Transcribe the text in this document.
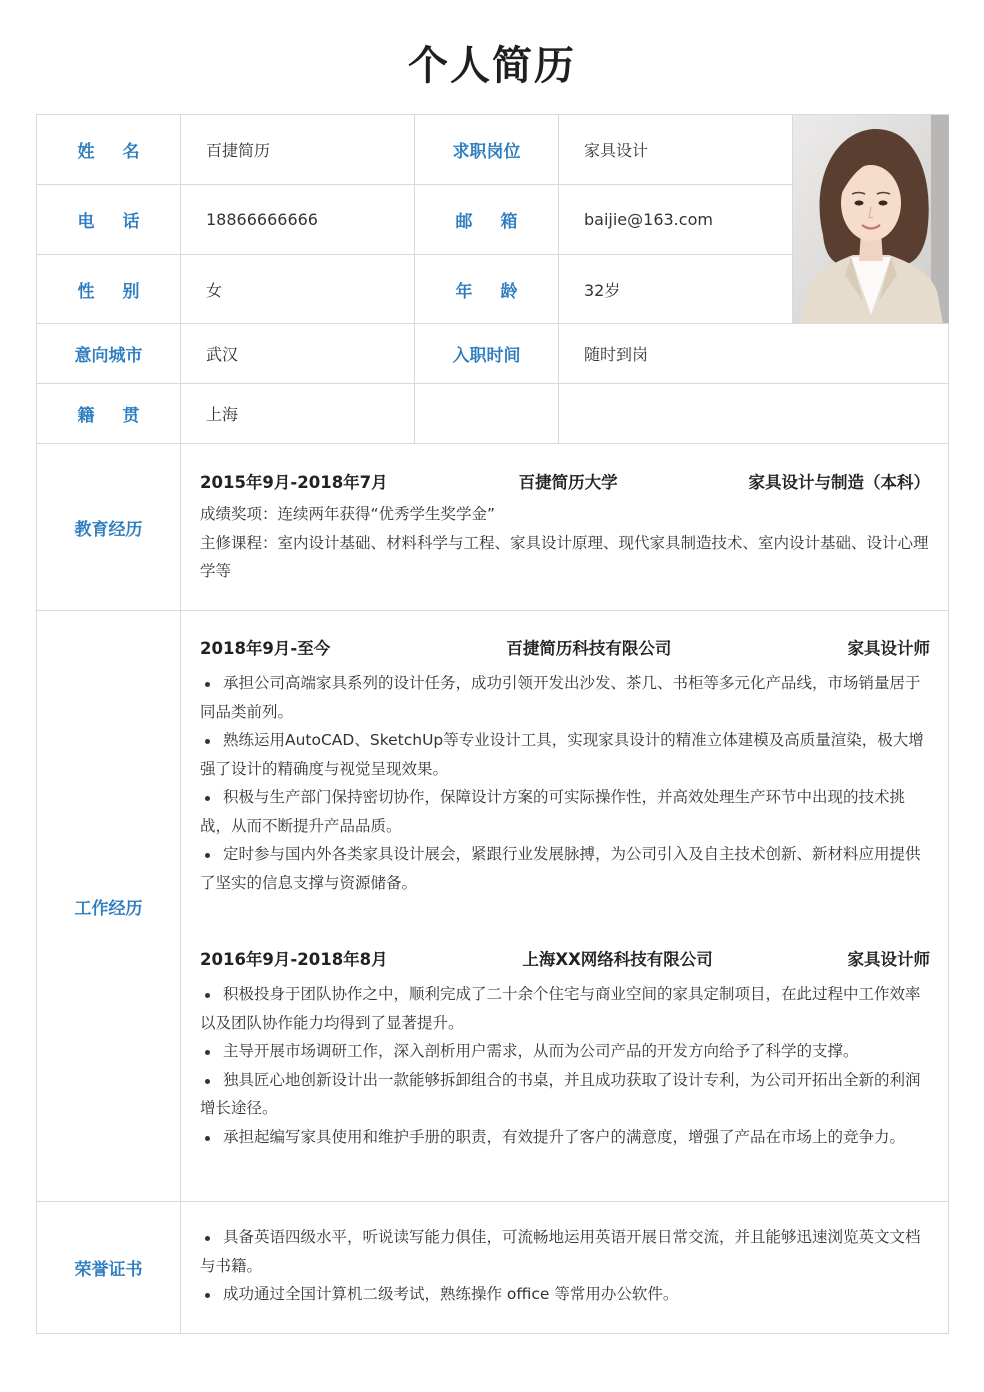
个人简历
姓名	百捷简历	求职岗位	家具设计
电话	18866666666	邮箱	baijie@163.com
性别	女	年龄	32岁
意向城市	武汉	入职时间	随时到岗
籍贯	上海
教育经历
2015年9月-2018年7月	百捷简历大学	家具设计与制造（本科）
成绩奖项：连续两年获得“优秀学生奖学金”
主修课程：室内设计基础、材料科学与工程、家具设计原理、现代家具制造技术、室内设计基础、设计心理学等
工作经历
2018年9月-至今	百捷简历科技有限公司	家具设计师
承担公司高端家具系列的设计任务，成功引领开发出沙发、茶几、书柜等多元化产品线，市场销量居于同品类前列。
熟练运用AutoCAD、SketchUp等专业设计工具，实现家具设计的精准立体建模及高质量渲染，极大增强了设计的精确度与视觉呈现效果。
积极与生产部门保持密切协作，保障设计方案的可实际操作性，并高效处理生产环节中出现的技术挑战，从而不断提升产品品质。
定时参与国内外各类家具设计展会，紧跟行业发展脉搏，为公司引入及自主技术创新、新材料应用提供了坚实的信息支撑与资源储备。
2016年9月-2018年8月	上海XX网络科技有限公司	家具设计师
积极投身于团队协作之中，顺利完成了二十余个住宅与商业空间的家具定制项目，在此过程中工作效率以及团队协作能力均得到了显著提升。
主导开展市场调研工作，深入剖析用户需求，从而为公司产品的开发方向给予了科学的支撑。
独具匠心地创新设计出一款能够拆卸组合的书桌，并且成功获取了设计专利，为公司开拓出全新的利润增长途径。
承担起编写家具使用和维护手册的职责，有效提升了客户的满意度，增强了产品在市场上的竞争力。
荣誉证书
具备英语四级水平，听说读写能力俱佳，可流畅地运用英语开展日常交流，并且能够迅速浏览英文文档与书籍。
成功通过全国计算机二级考试，熟练操作 office 等常用办公软件。
